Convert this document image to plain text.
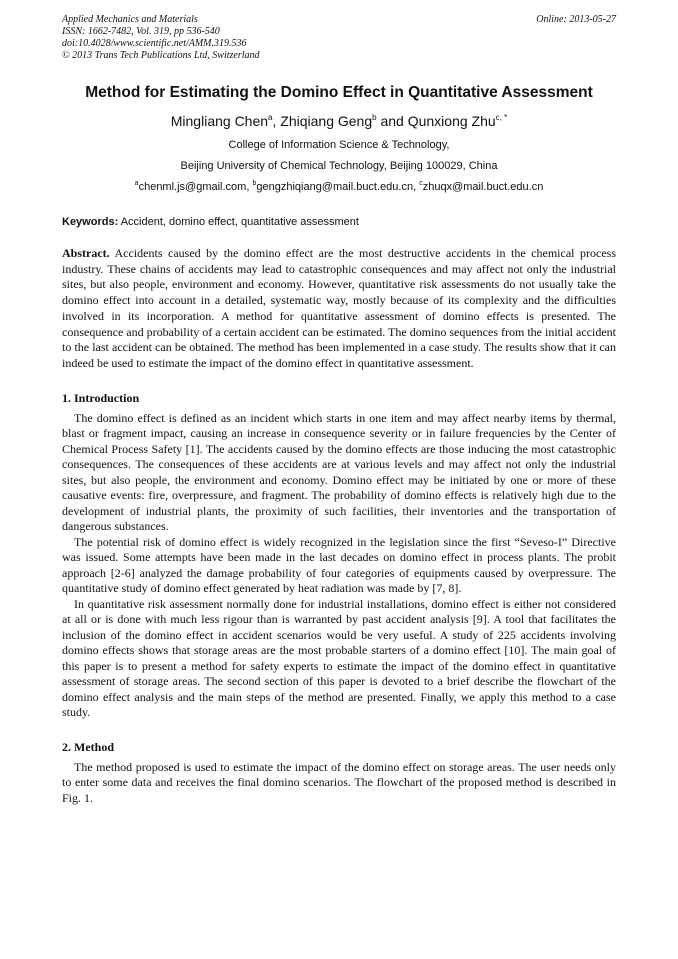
Applied Mechanics and Materials
ISSN: 1662-7482, Vol. 319, pp 536-540
doi:10.4028/www.scientific.net/AMM.319.536
© 2013 Trans Tech Publications Ltd, Switzerland
Online: 2013-05-27
Method for Estimating the Domino Effect in Quantitative Assessment
Mingliang Chen$^a$, Zhiqiang Geng$^b$ and Qunxiong Zhu$^{c, *}$
College of Information Science & Technology,
Beijing University of Chemical Technology, Beijing 100029, China
$^a$chenml.js@gmail.com, $^b$gengzhiqiang@mail.buct.edu.cn, $^c$zhuqx@mail.buct.edu.cn
Keywords: Accident, domino effect, quantitative assessment
Abstract. Accidents caused by the domino effect are the most destructive accidents in the chemical process industry. These chains of accidents may lead to catastrophic consequences and may affect not only the industrial sites, but also people, environment and economy. However, quantitative risk assessments do not usually take the domino effect into account in a detailed, systematic way, mostly because of its complexity and the difficulties involved in its incorporation. A method for quantitative assessment of domino effects is presented. The consequence and probability of a certain accident can be estimated. The domino sequences from the initial accident to the last accident can be obtained. The method has been implemented in a case study. The results show that it can indeed be used to estimate the impact of the domino effect in quantitative assessment.
1. Introduction

The domino effect is defined as an incident which starts in one item and may affect nearby items by thermal, blast or fragment impact, causing an increase in consequence severity or in failure frequencies by the Center of Chemical Process Safety [1]. The accidents caused by the domino effects are those inducing the most catastrophic consequences. The consequences of these accidents are at various levels and may affect not only the industrial sites, but also people, the environment and economy. Domino effect may be initiated by one or more of these causative events: fire, overpressure, and fragment. The probability of domino effects is relatively high due to the development of industrial plants, the proximity of such facilities, their inventories and the transportation of dangerous substances.

The potential risk of domino effect is widely recognized in the legislation since the first “Seveso-I” Directive was issued. Some attempts have been made in the last decades on domino effect in process plants. The probit approach [2-6] analyzed the damage probability of four categories of equipments caused by overpressure. The quantitative study of domino effect generated by heat radiation was made by [7, 8].

In quantitative risk assessment normally done for industrial installations, domino effect is either not considered at all or is done with much less rigour than is warranted by past accident analysis [9]. A tool that facilitates the inclusion of the domino effect in accident scenarios would be very useful. A study of 225 accidents involving domino effects shows that storage areas are the most probable starters of a domino effect [10]. The main goal of this paper is to present a method for safety experts to estimate the impact of the domino effect in quantitative assessment of storage areas. The second section of this paper is devoted to a brief describe the flowchart of the domino effect analysis and the main steps of the method are presented. Finally, we apply this method to a case study.

2. Method

The method proposed is used to estimate the impact of the domino effect on storage areas. The user needs only to enter some data and receives the final domino scenarios. The flowchart of the proposed method is described in Fig. 1.
